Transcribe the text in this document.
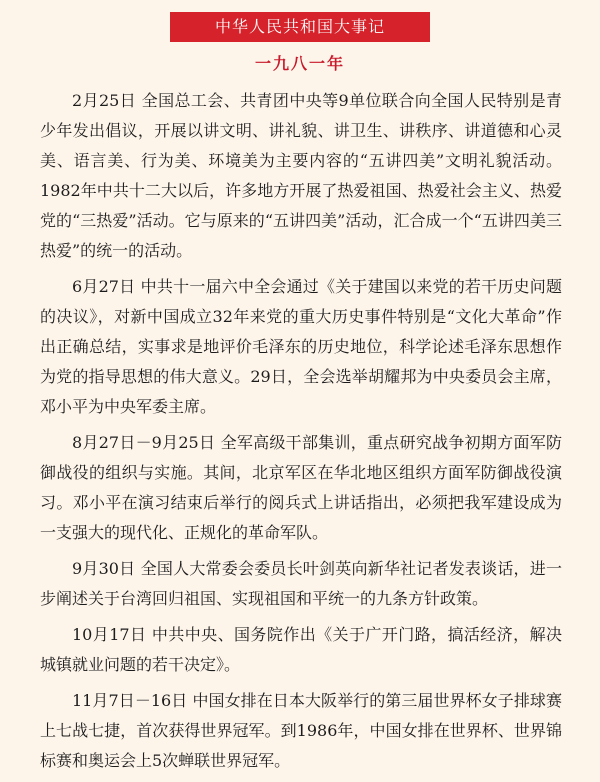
中华人民共和国大事记
一九八一年

2月25日 全国总工会、共青团中央等9单位联合向全国人民特别是青少年发出倡议，开展以讲文明、讲礼貌、讲卫生、讲秩序、讲道德和心灵美、语言美、行为美、环境美为主要内容的“五讲四美”文明礼貌活动。1982年中共十二大以后，许多地方开展了热爱祖国、热爱社会主义、热爱党的“三热爱”活动。它与原来的“五讲四美”活动，汇合成一个“五讲四美三热爱”的统一的活动。

6月27日 中共十一届六中全会通过《关于建国以来党的若干历史问题的决议》，对新中国成立32年来党的重大历史事件特别是“文化大革命”作出正确总结，实事求是地评价毛泽东的历史地位，科学论述毛泽东思想作为党的指导思想的伟大意义。29日，全会选举胡耀邦为中央委员会主席，邓小平为中央军委主席。

8月27日－9月25日 全军高级干部集训，重点研究战争初期方面军防御战役的组织与实施。其间，北京军区在华北地区组织方面军防御战役演习。邓小平在演习结束后举行的阅兵式上讲话指出，必须把我军建设成为一支强大的现代化、正规化的革命军队。

9月30日 全国人大常委会委员长叶剑英向新华社记者发表谈话，进一步阐述关于台湾回归祖国、实现祖国和平统一的九条方针政策。

10月17日 中共中央、国务院作出《关于广开门路，搞活经济，解决城镇就业问题的若干决定》。

11月7日－16日 中国女排在日本大阪举行的第三届世界杯女子排球赛上七战七捷，首次获得世界冠军。到1986年，中国女排在世界杯、世界锦标赛和奥运会上5次蝉联世界冠军。
